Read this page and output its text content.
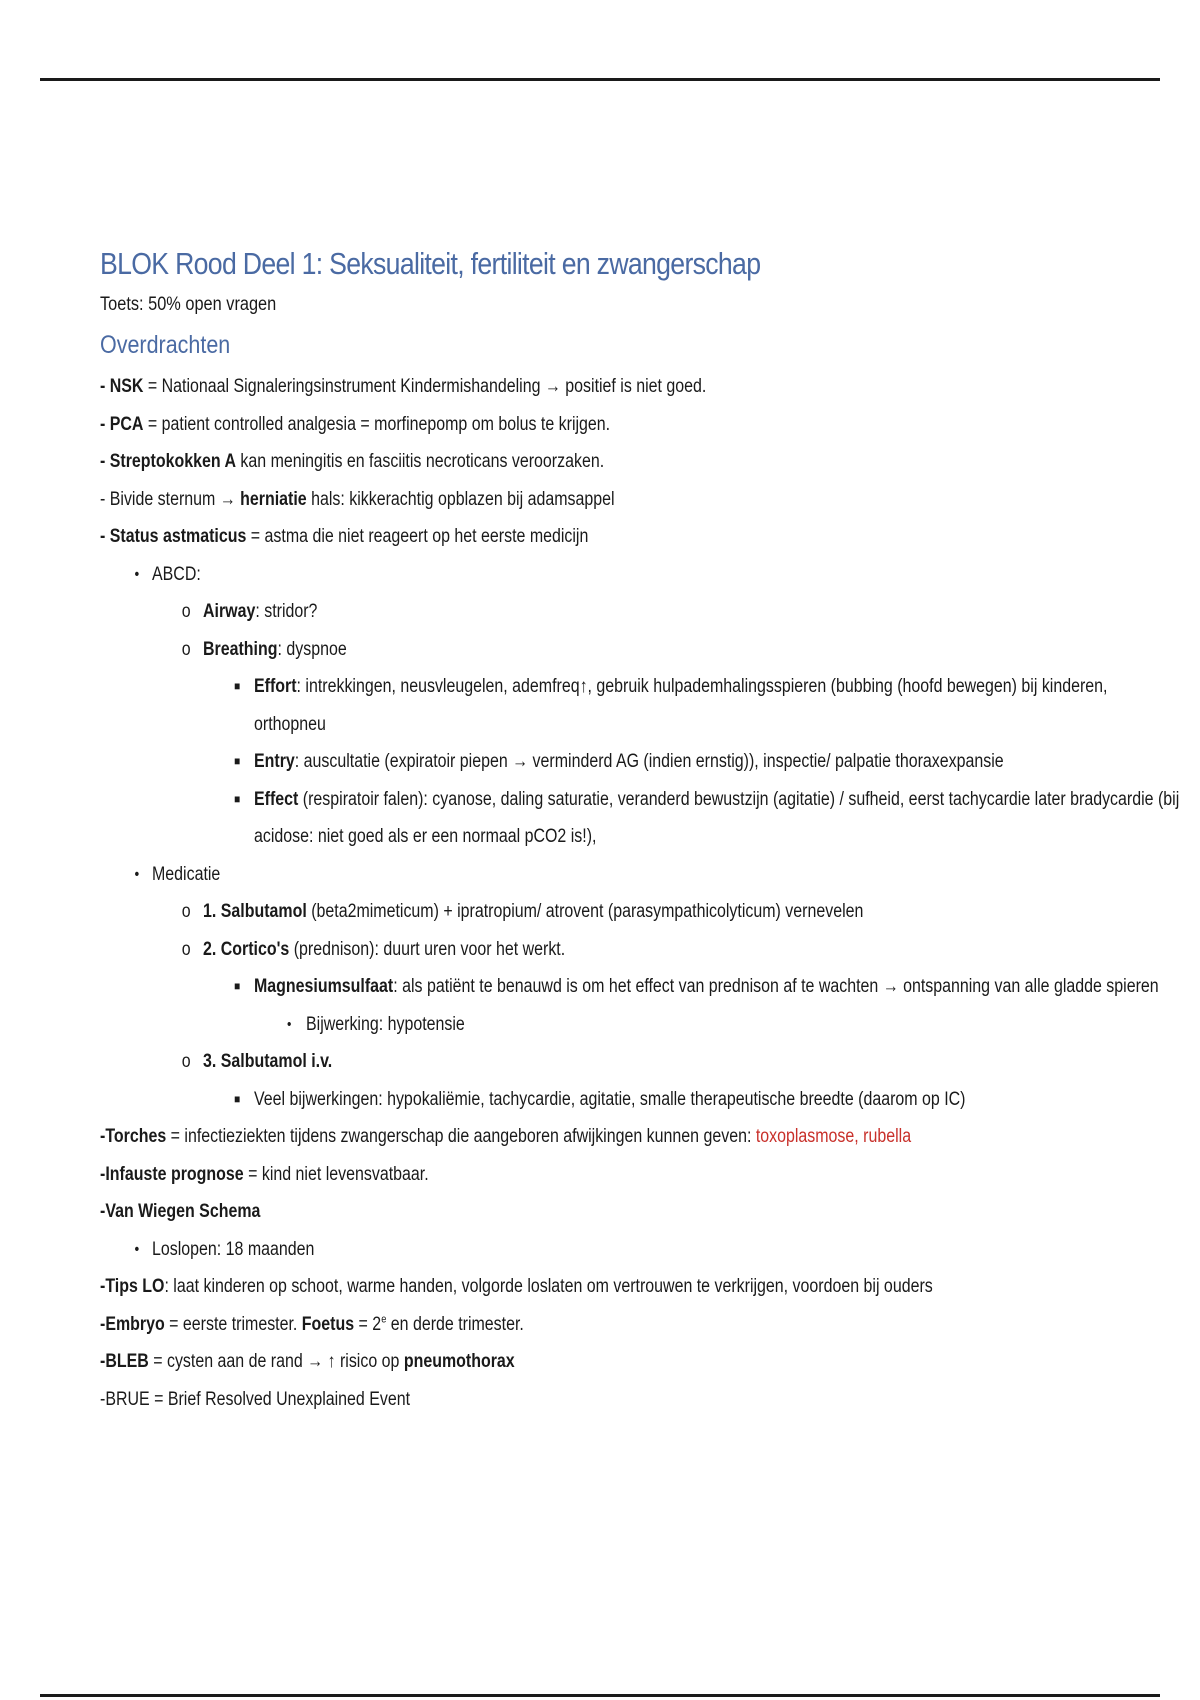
BLOK Rood Deel 1: Seksualiteit, fertiliteit en zwangerschap
Toets: 50% open vragen
Overdrachten
- NSK = Nationaal Signaleringsinstrument Kindermishandeling → positief is niet goed.
- PCA = patient controlled analgesia = morfinepomp om bolus te krijgen.
- Streptokokken A kan meningitis en fasciitis necroticans veroorzaken.
- Bivide sternum → herniatie hals: kikkerachtig opblazen bij adamsappel
- Status astmaticus = astma die niet reageert op het eerste medicijn
• ABCD:
o Airway: stridor?
o Breathing: dyspnoe
■ Effort: intrekkingen, neusvleugelen, ademfreq↑, gebruik hulpademhalingsspieren (bubbing (hoofd bewegen) bij kinderen,
orthopneu
■ Entry: auscultatie (expiratoir piepen → verminderd AG (indien ernstig)), inspectie/ palpatie thoraxexpansie
■ Effect (respiratoir falen): cyanose, daling saturatie, veranderd bewustzijn (agitatie) / sufheid, eerst tachycardie later bradycardie (bij
acidose: niet goed als er een normaal pCO2 is!),
• Medicatie
o 1. Salbutamol (beta2mimeticum) + ipratropium/ atrovent (parasympathicolyticum) vernevelen
o 2. Cortico's (prednison): duurt uren voor het werkt.
■ Magnesiumsulfaat: als patiënt te benauwd is om het effect van prednison af te wachten → ontspanning van alle gladde spieren
• Bijwerking: hypotensie
o 3. Salbutamol i.v.
■ Veel bijwerkingen: hypokaliëmie, tachycardie, agitatie, smalle therapeutische breedte (daarom op IC)
-Torches = infectieziekten tijdens zwangerschap die aangeboren afwijkingen kunnen geven: toxoplasmose, rubella
-Infauste prognose = kind niet levensvatbaar.
-Van Wiegen Schema
• Loslopen: 18 maanden
-Tips LO: laat kinderen op schoot, warme handen, volgorde loslaten om vertrouwen te verkrijgen, voordoen bij ouders
-Embryo = eerste trimester. Foetus = $2^e$ en derde trimester.
-BLEB = cysten aan de rand → ↑ risico op pneumothorax
-BRUE = Brief Resolved Unexplained Event
